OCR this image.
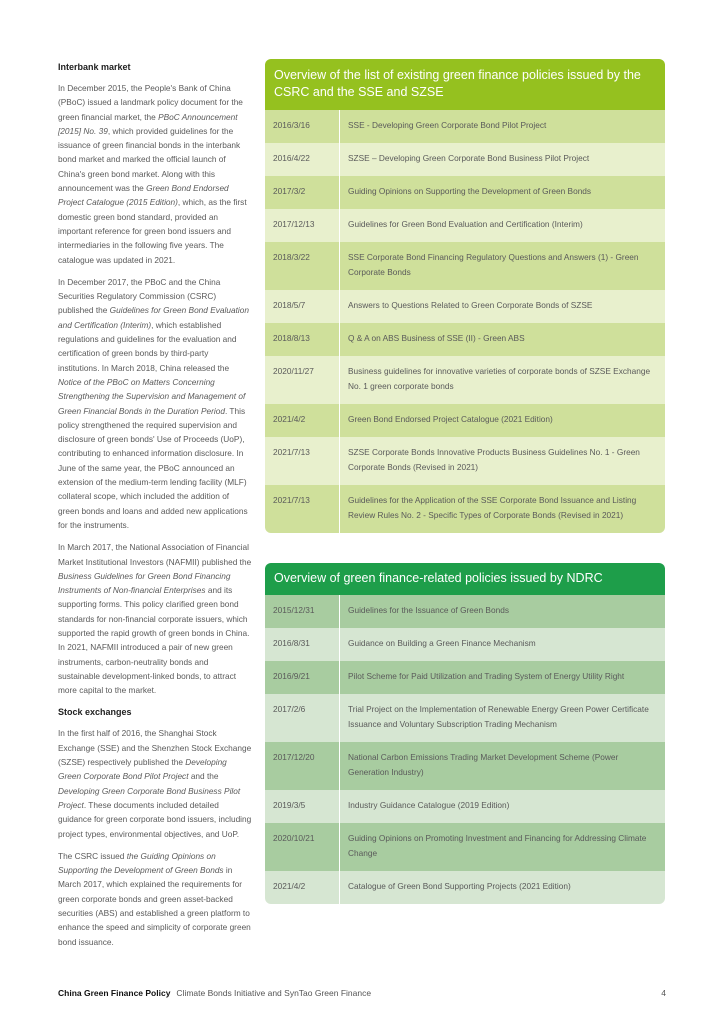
Interbank market

In December 2015, the People's Bank of China (PBoC) issued a landmark policy document for the green financial market, the PBoC Announcement [2015] No. 39, which provided guidelines for the issuance of green financial bonds in the interbank bond market and marked the official launch of China's green bond market. Along with this announcement was the Green Bond Endorsed Project Catalogue (2015 Edition), which, as the first domestic green bond standard, provided an important reference for green bond issuers and intermediaries in the following five years. The catalogue was updated in 2021.

In December 2017, the PBoC and the China Securities Regulatory Commission (CSRC) published the Guidelines for Green Bond Evaluation and Certification (Interim), which established regulations and guidelines for the evaluation and certification of green bonds by third-party institutions. In March 2018, China released the Notice of the PBoC on Matters Concerning Strengthening the Supervision and Management of Green Financial Bonds in the Duration Period. This policy strengthened the required supervision and disclosure of green bonds' Use of Proceeds (UoP), contributing to enhanced information disclosure. In June of the same year, the PBoC announced an extension of the medium-term lending facility (MLF) collateral scope, which included the addition of green bonds and loans and added new applications for the instruments.

In March 2017, the National Association of Financial Market Institutional Investors (NAFMII) published the Business Guidelines for Green Bond Financing Instruments of Non-financial Enterprises and its supporting forms. This policy clarified green bond standards for non-financial corporate issuers, which supported the rapid growth of green bonds in China. In 2021, NAFMII introduced a pair of new green instruments, carbon-neutrality bonds and sustainable development-linked bonds, to attract more capital to the market.

Stock exchanges

In the first half of 2016, the Shanghai Stock Exchange (SSE) and the Shenzhen Stock Exchange (SZSE) respectively published the Developing Green Corporate Bond Pilot Project and the Developing Green Corporate Bond Business Pilot Project. These documents included detailed guidance for green corporate bond issuers, including project types, environmental objectives, and UoP.

The CSRC issued the Guiding Opinions on Supporting the Development of Green Bonds in March 2017, which explained the requirements for green corporate bonds and green asset-backed securities (ABS) and established a green platform to enhance the speed and simplicity of corporate green bond issuance.

Overview of the list of existing green finance policies issued by the CSRC and the SSE and SZSE
2016/3/16	SSE - Developing Green Corporate Bond Pilot Project
2016/4/22	SZSE – Developing Green Corporate Bond Business Pilot Project
2017/3/2	Guiding Opinions on Supporting the Development of Green Bonds
2017/12/13	Guidelines for Green Bond Evaluation and Certification (Interim)
2018/3/22	SSE Corporate Bond Financing Regulatory Questions and Answers (1) - Green Corporate Bonds
2018/5/7	Answers to Questions Related to Green Corporate Bonds of SZSE
2018/8/13	Q & A on ABS Business of SSE (II) - Green ABS
2020/11/27	Business guidelines for innovative varieties of corporate bonds of SZSE Exchange No. 1 green corporate bonds
2021/4/2	Green Bond Endorsed Project Catalogue (2021 Edition)
2021/7/13	SZSE Corporate Bonds Innovative Products Business Guidelines No. 1 - Green Corporate Bonds (Revised in 2021)
2021/7/13	Guidelines for the Application of the SSE Corporate Bond Issuance and Listing Review Rules No. 2 - Specific Types of Corporate Bonds (Revised in 2021)
Overview of green finance-related policies issued by NDRC
2015/12/31	Guidelines for the Issuance of Green Bonds
2016/8/31	Guidance on Building a Green Finance Mechanism
2016/9/21	Pilot Scheme for Paid Utilization and Trading System of Energy Utility Right
2017/2/6	Trial Project on the Implementation of Renewable Energy Green Power Certificate Issuance and Voluntary Subscription Trading Mechanism
2017/12/20	National Carbon Emissions Trading Market Development Scheme (Power Generation Industry)
2019/3/5	Industry Guidance Catalogue (2019 Edition)
2020/10/21	Guiding Opinions on Promoting Investment and Financing for Addressing Climate Change
2021/4/2	Catalogue of Green Bond Supporting Projects (2021 Edition)
China Green Finance Policy Climate Bonds Initiative and SynTao Green Finance	4
